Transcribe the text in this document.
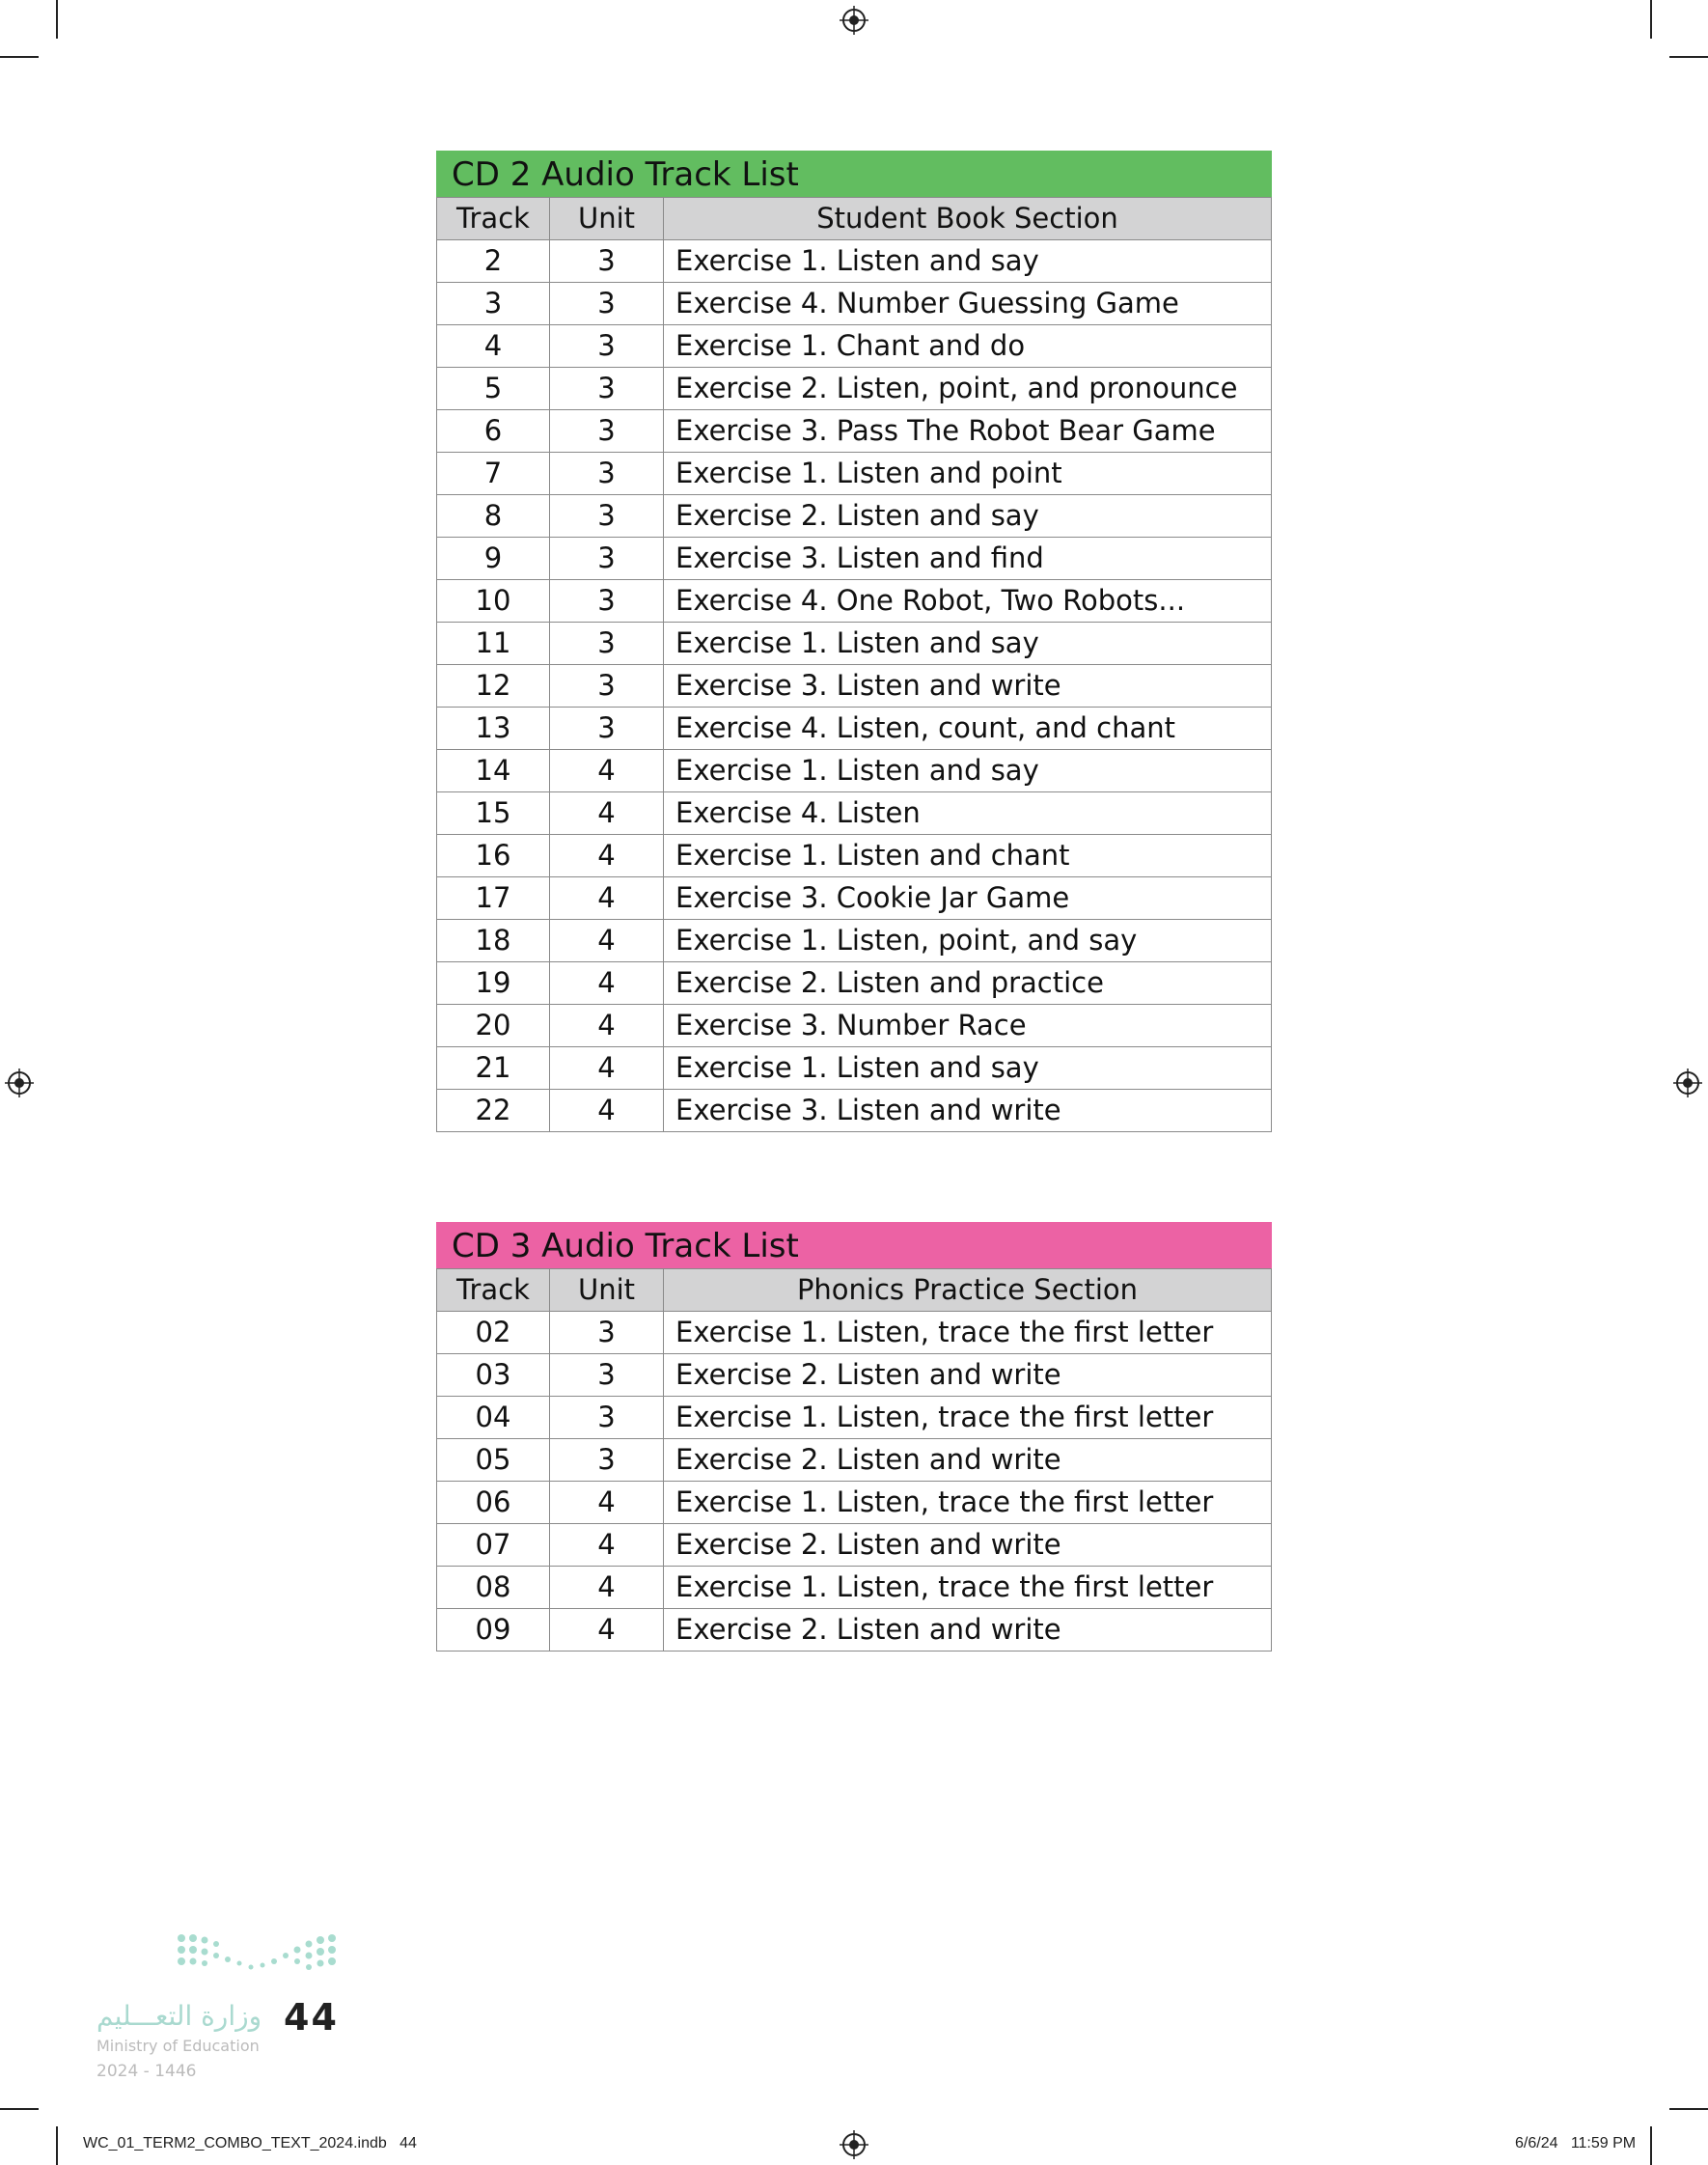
CD 2 Audio Track List
Track	Unit	Student Book Section
2	3	Exercise 1. Listen and say
3	3	Exercise 4. Number Guessing Game
4	3	Exercise 1. Chant and do
5	3	Exercise 2. Listen, point, and pronounce
6	3	Exercise 3. Pass The Robot Bear Game
7	3	Exercise 1. Listen and point
8	3	Exercise 2. Listen and say
9	3	Exercise 3. Listen and find
10	3	Exercise 4. One Robot, Two Robots...
11	3	Exercise 1. Listen and say
12	3	Exercise 3. Listen and write
13	3	Exercise 4. Listen, count, and chant
14	4	Exercise 1. Listen and say
15	4	Exercise 4. Listen
16	4	Exercise 1. Listen and chant
17	4	Exercise 3. Cookie Jar Game
18	4	Exercise 1. Listen, point, and say
19	4	Exercise 2. Listen and practice
20	4	Exercise 3. Number Race
21	4	Exercise 1. Listen and say
22	4	Exercise 3. Listen and write
CD 3 Audio Track List
Track	Unit	Phonics Practice Section
02	3	Exercise 1. Listen, trace the first letter
03	3	Exercise 2. Listen and write
04	3	Exercise 1. Listen, trace the first letter
05	3	Exercise 2. Listen and write
06	4	Exercise 1. Listen, trace the first letter
07	4	Exercise 2. Listen and write
08	4	Exercise 1. Listen, trace the first letter
09	4	Exercise 2. Listen and write
وزارة التعـــليم 44
Ministry of Education
2024 - 1446
WC_01_TERM2_COMBO_TEXT_2024.indb   44	6/6/24   11:59 PM
